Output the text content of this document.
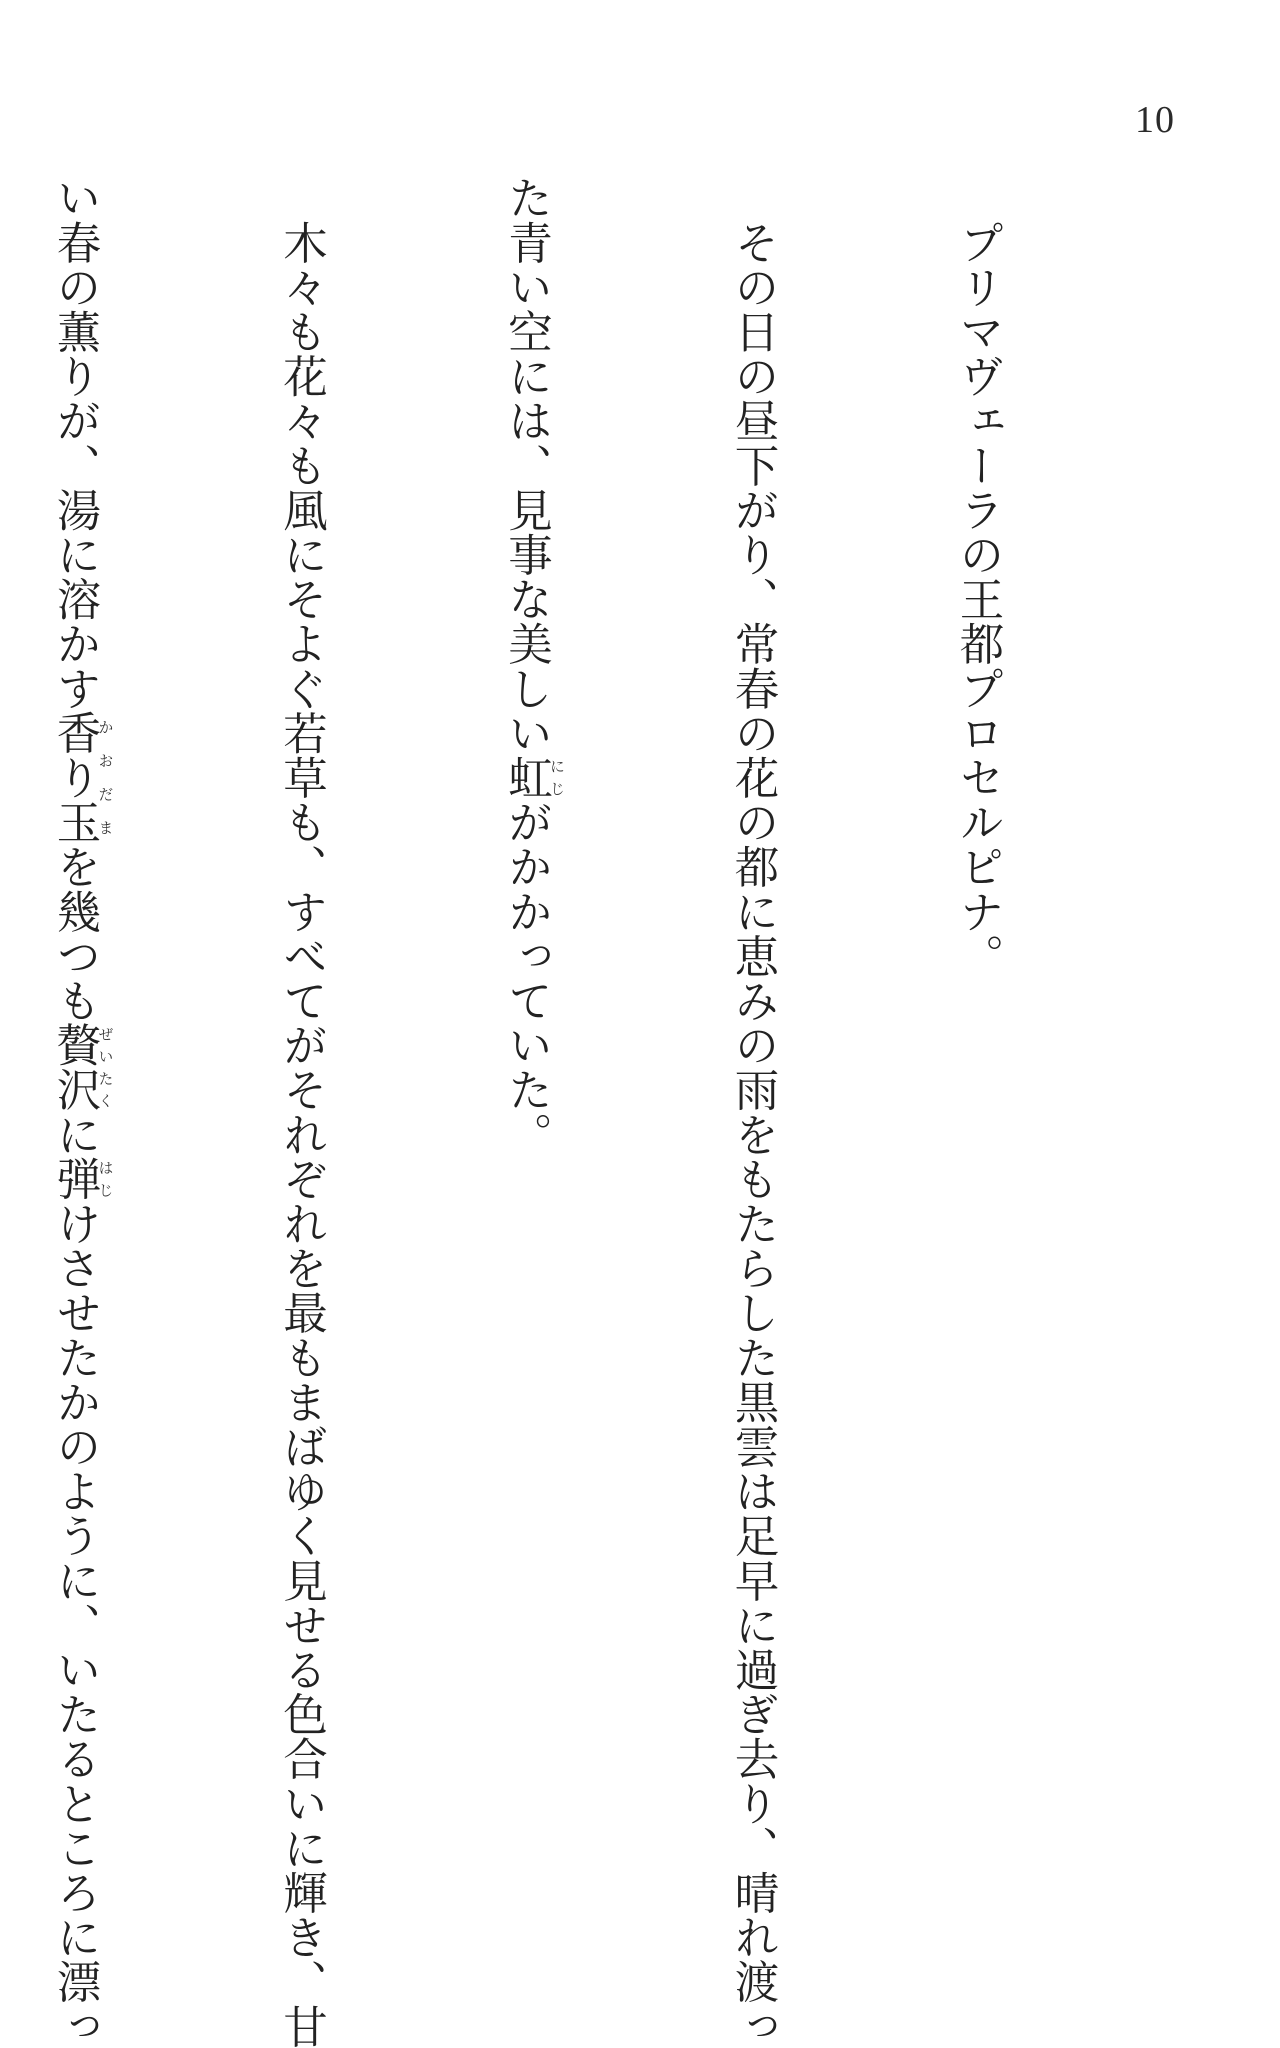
10

　プリマヴェーラの王都プロセルピナ。

　その日の昼下がり、常春の花の都に恵みの雨をもたらした黒雲は足早に過ぎ去り、晴れ渡っ

た青い空には、見事な美しい虹にじがかかっていた。

　木々も花々も風にそよぐ若草も、すべてがそれぞれを最もまばゆく見せる色合いに輝き、甘

い春の薫りが、湯に溶かす香り玉かおだまを幾つも贅沢ぜいたくに弾はじけさせたかのように、いたるところに漂っ
